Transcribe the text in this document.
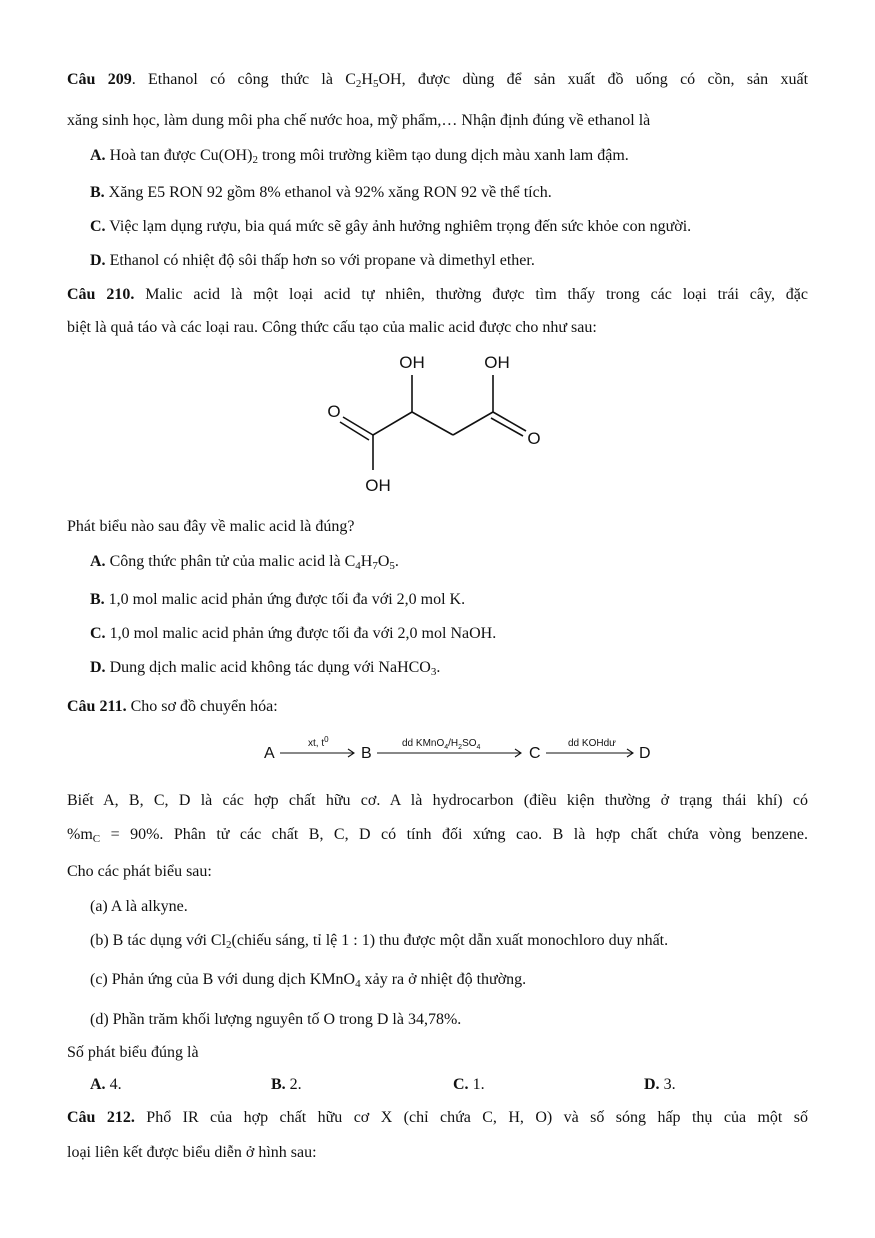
Câu 209. Ethanol có công thức là $C_2H_5OH$, được dùng để sản xuất đồ uống có cồn, sản xuất
xăng sinh học, làm dung môi pha chế nước hoa, mỹ phẩm,… Nhận định đúng về ethanol là
A. Hoà tan được $Cu(OH)_2$ trong môi trường kiềm tạo dung dịch màu xanh lam đậm.
B. Xăng E5 RON 92 gồm 8% ethanol và 92% xăng RON 92 về thể tích.
C. Việc lạm dụng rượu, bia quá mức sẽ gây ảnh hưởng nghiêm trọng đến sức khỏe con người.
D. Ethanol có nhiệt độ sôi thấp hơn so với propane và dimethyl ether.
Câu 210. Malic acid là một loại acid tự nhiên, thường được tìm thấy trong các loại trái cây, đặc
biệt là quả táo và các loại rau. Công thức cấu tạo của malic acid được cho như sau:
OH	OH
O
O
OH
Phát biểu nào sau đây về malic acid là đúng?
A. Công thức phân tử của malic acid là $C_4H_7O_5$.
B. 1,0 mol malic acid phản ứng được tối đa với 2,0 mol K.
C. 1,0 mol malic acid phản ứng được tối đa với 2,0 mol NaOH.
D. Dung dịch malic acid không tác dụng với NaHCO$_3$.
Câu 211. Cho sơ đồ chuyển hóa:
A	B	C	D
xt, $t^0$	dd $KMnO_4/H_2SO_4$	dd KOHdư
Biết A, B, C, D là các hợp chất hữu cơ. A là hydrocarbon (điều kiện thường ở trạng thái khí) có
$\%m_C = 90\%$. Phân tử các chất B, C, D có tính đối xứng cao. B là hợp chất chứa vòng benzene.
Cho các phát biểu sau:
(a) A là alkyne.
(b) B tác dụng với $Cl_2(chiếu$ sáng, tỉ lệ 1 : 1) thu được một dẫn xuất monochloro duy nhất.
(c) Phản ứng của B với dung dịch KMnO$_4$ xảy ra ở nhiệt độ thường.
(d) Phần trăm khối lượng nguyên tố O trong D là 34,78%.
Số phát biểu đúng là
A. 4.	B. 2.	C. 1.	D. 3.
Câu 212. Phổ IR của hợp chất hữu cơ X (chỉ chứa C, H, O) và số sóng hấp thụ của một số
loại liên kết được biểu diễn ở hình sau:
